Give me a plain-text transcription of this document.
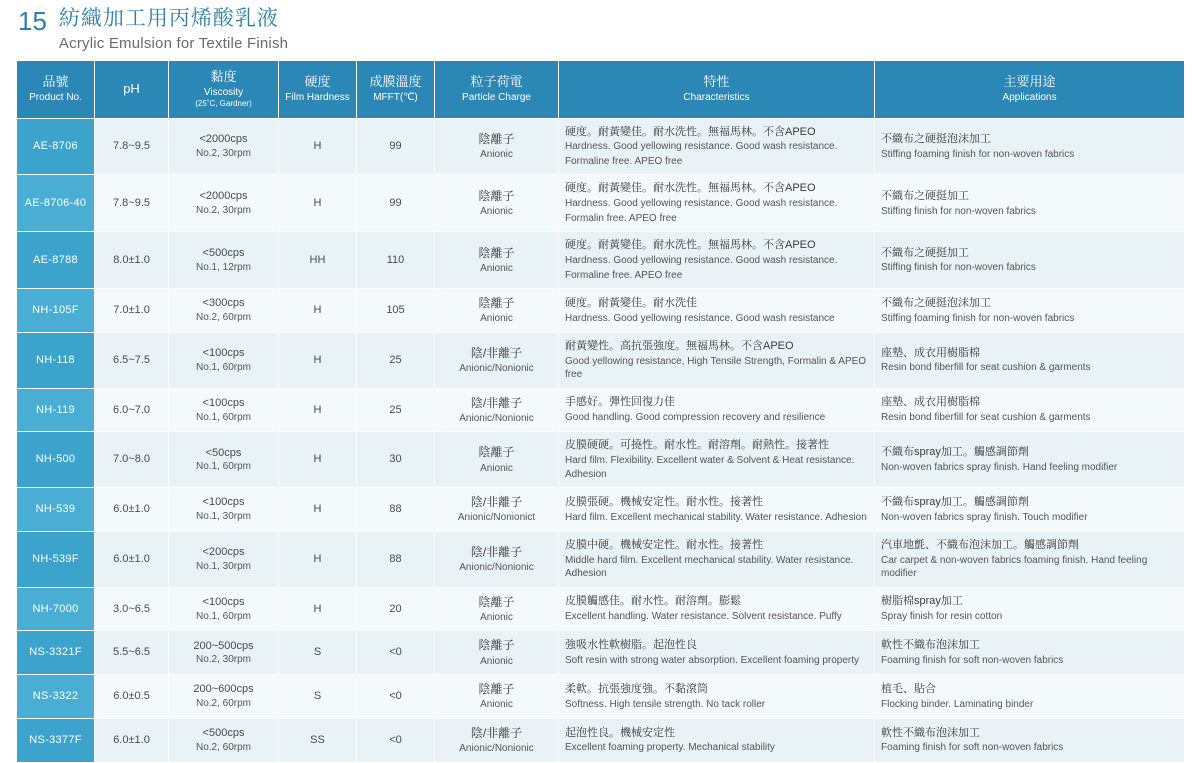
15 紡織加工用丙烯酸乳液
Acrylic Emulsion for Textile Finish
品號
Product No.	pH	黏度
Viscosity
(25˚C, Gardner)	硬度
Film Hardness	成膜溫度
MFFT(℃)	粒子荷電
Particle Charge	特性
Characteristics	主要用途
Applications

AE-8706	7.8~9.5	<2000cps
No.2, 30rpm	H	99	陰離子
Anionic	硬度。耐黃變佳。耐水洗性。無福馬林。不含APEO
Hardness. Good yellowing resistance. Good wash resistance.
Formaline free. APEO free	不織布之硬挺泡沫加工
Stiffing foaming finish for non-woven fabrics

AE-8706-40	7.8~9.5	<2000cps
No.2, 30rpm	H	99	陰離子
Anionic	硬度。耐黃變佳。耐水洗性。無福馬林。不含APEO
Hardness. Good yellowing resistance. Good wash resistance.
Formalin free. APEO free	不織布之硬挺加工
Stiffing finish for non-woven fabrics

AE-8788	8.0±1.0	<500cps
No.1, 12rpm	HH	110	陰離子
Anionic	硬度。耐黃變佳。耐水洗性。無福馬林。不含APEO
Hardness. Good yellowing resistance. Good wash resistance.
Formaline free. APEO free	不織布之硬挺加工
Stiffing finish for non-woven fabrics

NH-105F	7.0±1.0	<300cps
No.2, 60rpm	H	105	陰離子
Anionic	硬度。耐黃變佳。耐水洗佳
Hardness. Good yellowing resistance. Good wash resistance	不織布之硬挺泡沫加工
Stiffing foaming finish for non-woven fabrics

NH-118	6.5~7.5	<100cps
No.1, 60rpm	H	25	陰/非離子
Anionic/Nonionic	耐黃變性。高抗張強度。無福馬林。不含APEO
Good yellowing resistance, High Tensile Strength, Formalin & APEO free	座墊、成衣用樹脂棉
Resin bond fiberfill for seat cushion & garments

NH-119	6.0~7.0	<100cps
No.1, 60rpm	H	25	陰/非離子
Anionic/Nonionic	手感好。彈性回復力佳
Good handling. Good compression recovery and resilience	座墊、成衣用樹脂棉
Resin bond fiberfill for seat cushion & garments

NH-500	7.0~8.0	<50cps
No.1, 60rpm	H	30	陰離子
Anionic	皮膜硬硬。可撓性。耐水性。耐溶劑。耐熱性。接著性
Hard film. Flexibility. Excellent water & Solvent & Heat resistance. Adhesion	不織布spray加工。觸感調節劑
Non-woven fabrics spray finish. Hand feeling modifier

NH-539	6.0±1.0	<100cps
No.1, 30rpm	H	88	陰/非離子
Anionic/Nonionict	皮膜張硬。機械安定性。耐水性。接著性
Hard film. Excellent mechanical stability. Water resistance. Adhesion	不織布spray加工。觸感調節劑
Non-woven fabrics spray finish. Touch modifier

NH-539F	6.0±1.0	<200cps
No.1, 30rpm	H	88	陰/非離子
Anionic/Nonionic	皮膜中硬。機械安定性。耐水性。接著性
Middle hard film. Excellent mechanical stability. Water resistance. Adhesion	汽車地氈、不織布泡沫加工。觸感調節劑
Car carpet & non-woven fabrics foaming finish. Hand feeling modifier

NH-7000	3.0~6.5	<100cps
No.1, 60rpm	H	20	陰離子
Anionic	皮膜觸感佳。耐水性。耐溶劑。膨鬆
Excellent handling. Water resistance. Solvent resistance. Puffy	樹脂棉spray加工
Spray finish for resin cotton

NS-3321F	5.5~6.5	200~500cps
No.2, 30rpm	S	<0	陰離子
Anionic	強吸水性軟樹脂。起泡性良
Soft resin with strong water absorption. Excellent foaming property	軟性不織布泡沫加工
Foaming finish for soft non-woven fabrics

NS-3322	6.0±0.5	200~600cps
No.2, 60rpm	S	<0	陰離子
Anionic	柔軟。抗張強度強。不黏滾筒
Softness. High tensile strength. No tack roller	植毛、貼合
Flocking binder. Laminating binder

NS-3377F	6.0±1.0	<500cps
No.2, 60rpm	SS	<0	陰/非離子
Anionic/Nonionic	起泡性良。機械安定性
Excellent foaming property. Mechanical stability	軟性不織布泡沫加工
Foaming finish for soft non-woven fabrics
